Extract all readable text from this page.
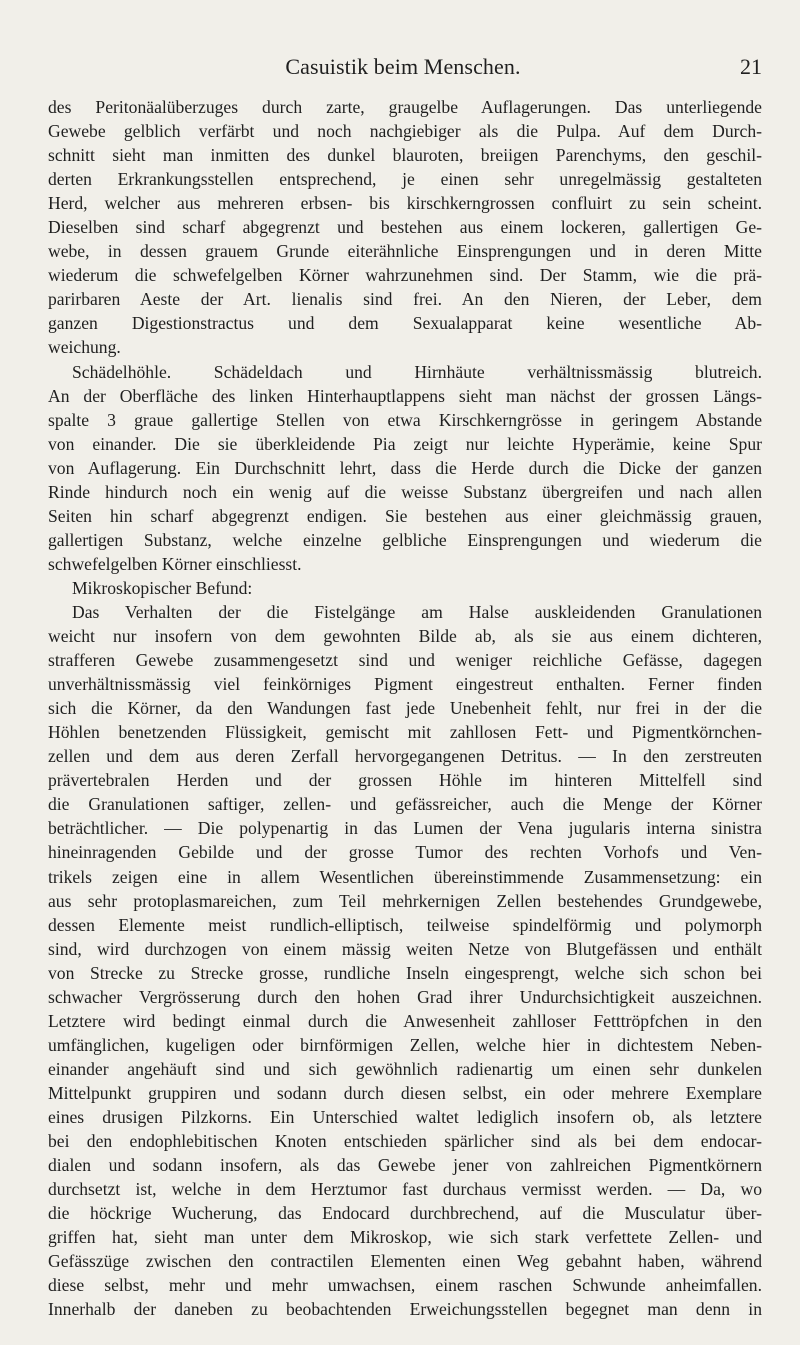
Casuistik beim Menschen.	21
des Peritonäalüberzuges durch zarte, graugelbe Auflagerungen. Das unterliegende
Gewebe gelblich verfärbt und noch nachgiebiger als die Pulpa. Auf dem Durch-
schnitt sieht man inmitten des dunkel blauroten, breiigen Parenchyms, den geschil-
derten Erkrankungsstellen entsprechend, je einen sehr unregelmässig gestalteten
Herd, welcher aus mehreren erbsen- bis kirschkerngrossen confluirt zu sein scheint.
Dieselben sind scharf abgegrenzt und bestehen aus einem lockeren, gallertigen Ge-
webe, in dessen grauem Grunde eiterähnliche Einsprengungen und in deren Mitte
wiederum die schwefelgelben Körner wahrzunehmen sind. Der Stamm, wie die prä-
parirbaren Aeste der Art. lienalis sind frei. An den Nieren, der Leber, dem
ganzen Digestionstractus und dem Sexualapparat keine wesentliche Ab-
weichung.
Schädelhöhle. Schädeldach und Hirnhäute verhältnissmässig blutreich.
An der Oberfläche des linken Hinterhauptlappens sieht man nächst der grossen Längs-
spalte 3 graue gallertige Stellen von etwa Kirschkerngrösse in geringem Abstande
von einander. Die sie überkleidende Pia zeigt nur leichte Hyperämie, keine Spur
von Auflagerung. Ein Durchschnitt lehrt, dass die Herde durch die Dicke der ganzen
Rinde hindurch noch ein wenig auf die weisse Substanz übergreifen und nach allen
Seiten hin scharf abgegrenzt endigen. Sie bestehen aus einer gleichmässig grauen,
gallertigen Substanz, welche einzelne gelbliche Einsprengungen und wiederum die
schwefelgelben Körner einschliesst.
Mikroskopischer Befund:
Das Verhalten der die Fistelgänge am Halse auskleidenden Granulationen
weicht nur insofern von dem gewohnten Bilde ab, als sie aus einem dichteren,
strafferen Gewebe zusammengesetzt sind und weniger reichliche Gefässe, dagegen
unverhältnissmässig viel feinkörniges Pigment eingestreut enthalten. Ferner finden
sich die Körner, da den Wandungen fast jede Unebenheit fehlt, nur frei in der die
Höhlen benetzenden Flüssigkeit, gemischt mit zahllosen Fett- und Pigmentkörnchen-
zellen und dem aus deren Zerfall hervorgegangenen Detritus. — In den zerstreuten
prävertebralen Herden und der grossen Höhle im hinteren Mittelfell sind
die Granulationen saftiger, zellen- und gefässreicher, auch die Menge der Körner
beträchtlicher. — Die polypenartig in das Lumen der Vena jugularis interna sinistra
hineinragenden Gebilde und der grosse Tumor des rechten Vorhofs und Ven-
trikels zeigen eine in allem Wesentlichen übereinstimmende Zusammensetzung: ein
aus sehr protoplasmareichen, zum Teil mehrkernigen Zellen bestehendes Grundgewebe,
dessen Elemente meist rundlich-elliptisch, teilweise spindelförmig und polymorph
sind, wird durchzogen von einem mässig weiten Netze von Blutgefässen und enthält
von Strecke zu Strecke grosse, rundliche Inseln eingesprengt, welche sich schon bei
schwacher Vergrösserung durch den hohen Grad ihrer Undurchsichtigkeit auszeichnen.
Letztere wird bedingt einmal durch die Anwesenheit zahlloser Fetttröpfchen in den
umfänglichen, kugeligen oder birnförmigen Zellen, welche hier in dichtestem Neben-
einander angehäuft sind und sich gewöhnlich radienartig um einen sehr dunkelen
Mittelpunkt gruppiren und sodann durch diesen selbst, ein oder mehrere Exemplare
eines drusigen Pilzkorns. Ein Unterschied waltet lediglich insofern ob, als letztere
bei den endophlebitischen Knoten entschieden spärlicher sind als bei dem endocar-
dialen und sodann insofern, als das Gewebe jener von zahlreichen Pigmentkörnern
durchsetzt ist, welche in dem Herztumor fast durchaus vermisst werden. — Da, wo
die höckrige Wucherung, das Endocard durchbrechend, auf die Musculatur über-
griffen hat, sieht man unter dem Mikroskop, wie sich stark verfettete Zellen- und
Gefässzüge zwischen den contractilen Elementen einen Weg gebahnt haben, während
diese selbst, mehr und mehr umwachsen, einem raschen Schwunde anheimfallen.
Innerhalb der daneben zu beobachtenden Erweichungsstellen begegnet man denn in
